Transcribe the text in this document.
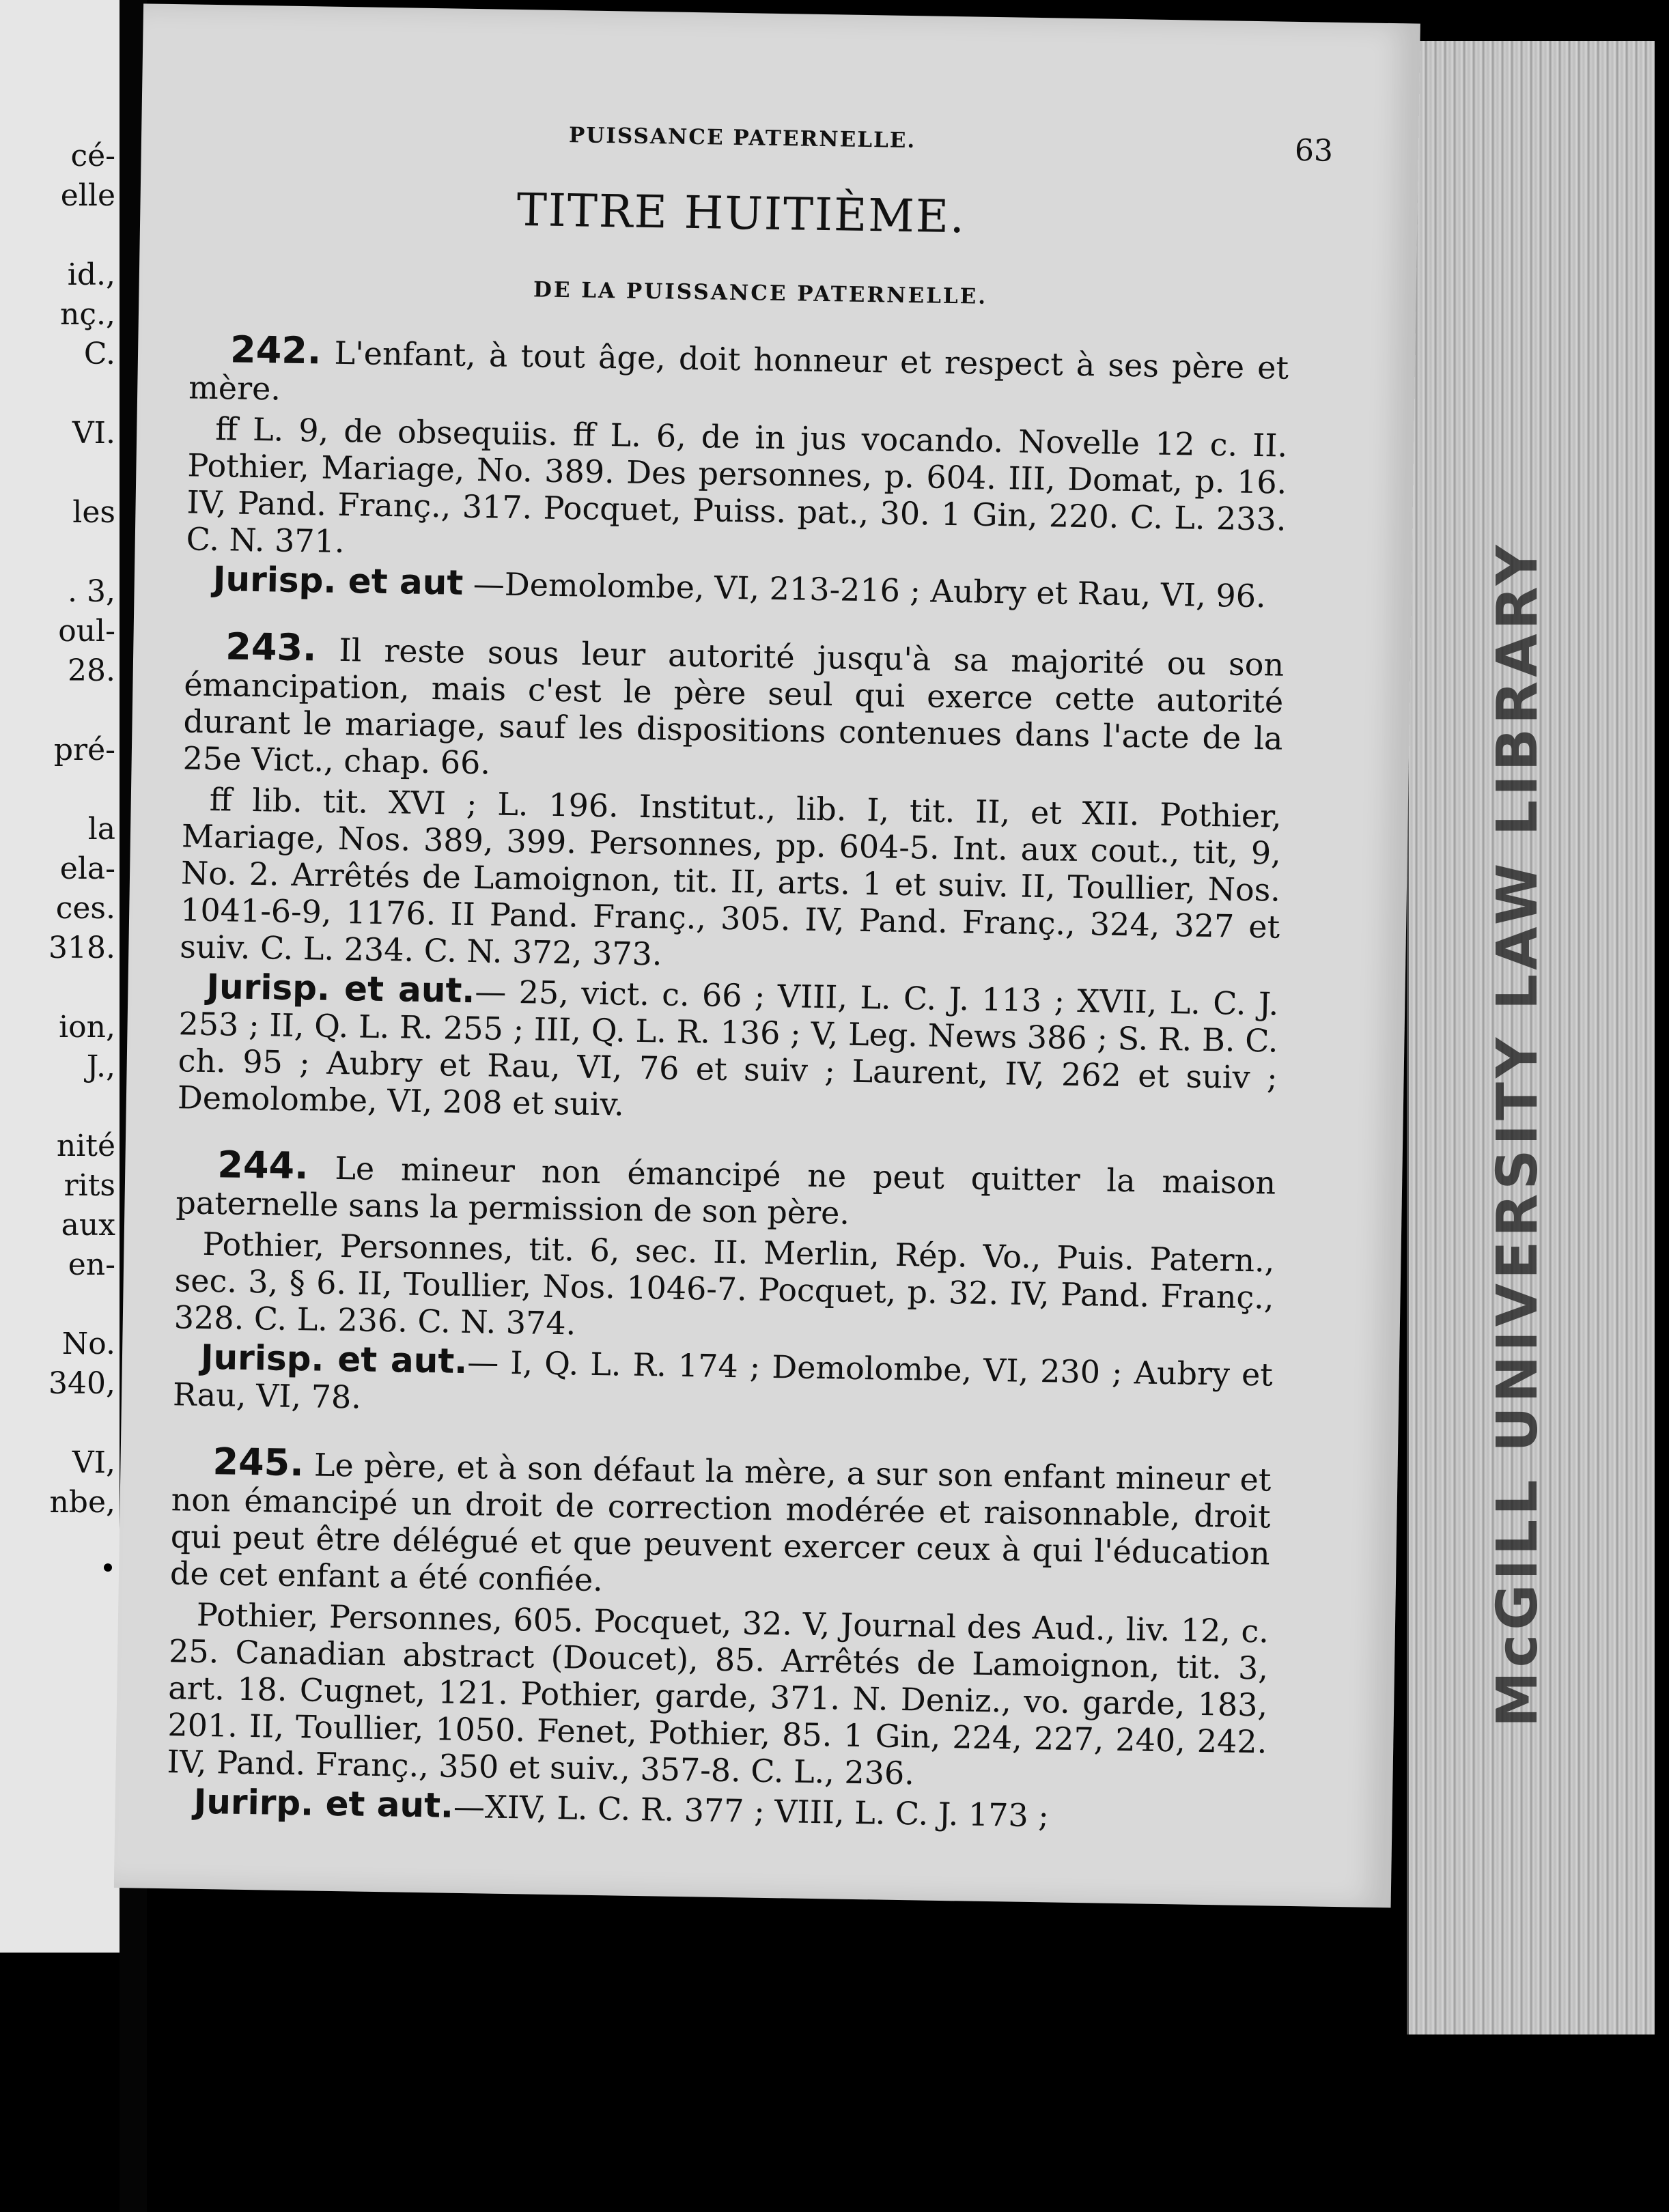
cé-
elle

id.,
nç.,
C.

VI.

les

. 3,
oul-
28.

pré-

la
ela-
ces.
318.

ion,
J.,

nité
rits
aux
en-

No.
340,

VI,
nbe,	McGILL UNIVERSITY LAW LIBRARY
PUISSANCE PATERNELLE.	63
TITRE HUITIÈME.
DE LA PUISSANCE PATERNELLE.

242. L'enfant, à tout âge, doit honneur et respect à ses père et mère.

ff L. 9, de obsequiis. ff L. 6, de in jus vocando. Novelle 12 c. II. Pothier, Mariage, No. 389. Des personnes, p. 604. III, Domat, p. 16. IV, Pand. Franç., 317. Pocquet, Puiss. pat., 30. 1 Gin, 220. C. L. 233. C. N. 371.

Jurisp. et aut —Demolombe, VI, 213-216 ; Aubry et Rau, VI, 96.

243. Il reste sous leur autorité jusqu'à sa majorité ou son émancipation, mais c'est le père seul qui exerce cette autorité durant le mariage, sauf les dispositions contenues dans l'acte de la 25e Vict., chap. 66.

ff lib. tit. XVI ; L. 196. Institut., lib. I, tit. II, et XII. Pothier, Mariage, Nos. 389, 399. Personnes, pp. 604-5. Int. aux cout., tit, 9, No. 2. Arrêtés de Lamoignon, tit. II, arts. 1 et suiv. II, Toullier, Nos. 1041-6-9, 1176. II Pand. Franç., 305. IV, Pand. Franç., 324, 327 et suiv. C. L. 234. C. N. 372, 373.

Jurisp. et aut.— 25, vict. c. 66 ; VIII, L. C. J. 113 ; XVII, L. C. J. 253 ; II, Q. L. R. 255 ; III, Q. L. R. 136 ; V, Leg. News 386 ; S. R. B. C. ch. 95 ; Aubry et Rau, VI, 76 et suiv ; Laurent, IV, 262 et suiv ; Demolombe, VI, 208 et suiv.

244. Le mineur non émancipé ne peut quitter la maison paternelle sans la permission de son père.

Pothier, Personnes, tit. 6, sec. II. Merlin, Rép. Vo., Puis. Patern., sec. 3, § 6. II, Toullier, Nos. 1046-7. Pocquet, p. 32. IV, Pand. Franç., 328. C. L. 236. C. N. 374.

Jurisp. et aut.— I, Q. L. R. 174 ; Demolombe, VI, 230 ; Aubry et Rau, VI, 78.

245. Le père, et à son défaut la mère, a sur son enfant mineur et non émancipé un droit de correction modérée et raisonnable, droit qui peut être délégué et que peuvent exercer ceux à qui l'éducation de cet enfant a été confiée.

Pothier, Personnes, 605. Pocquet, 32. V, Journal des Aud., liv. 12, c. 25. Canadian abstract (Doucet), 85. Arrêtés de Lamoignon, tit. 3, art. 18. Cugnet, 121. Pothier, garde, 371. N. Deniz., vo. garde, 183, 201. II, Toullier, 1050. Fenet, Pothier, 85. 1 Gin, 224, 227, 240, 242. IV, Pand. Franç., 350 et suiv., 357-8. C. L., 236.

Jurirp. et aut.—XIV, L. C. R. 377 ; VIII, L. C. J. 173 ;
